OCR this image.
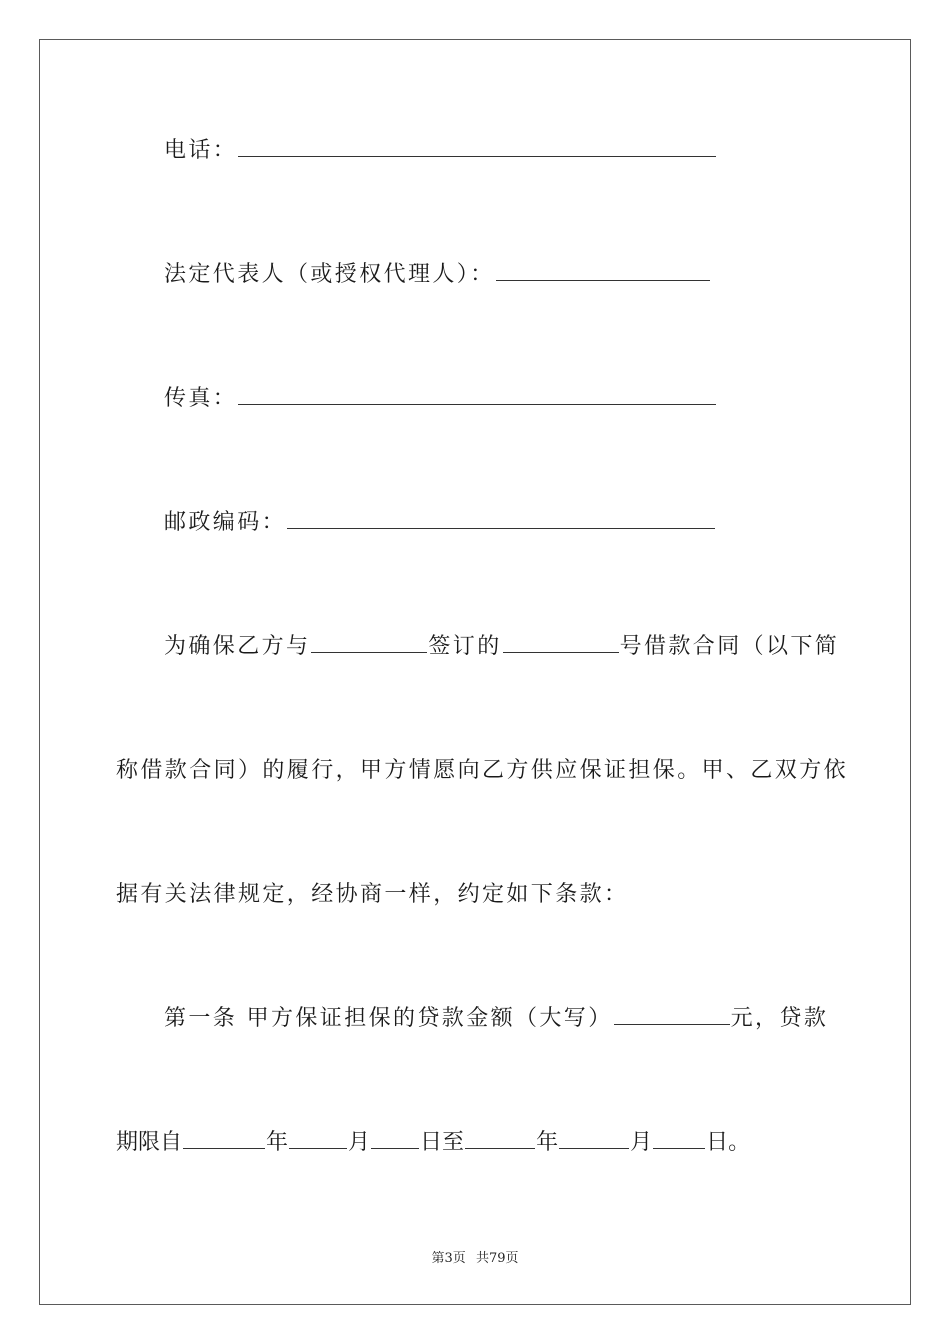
电话：
法定代表人（或授权代理人）：
传真：
邮政编码：
为确保乙方与	签订的	号借款合同（以下简
称借款合同）的履行，甲方情愿向乙方供应保证担保。甲、乙双方依
据有关法律规定，经协商一样，约定如下条款：
第一条 甲方保证担保的贷款金额（大写）	元，贷款
期限自	年	月 日至	年	月 日。
第3页 共79页
